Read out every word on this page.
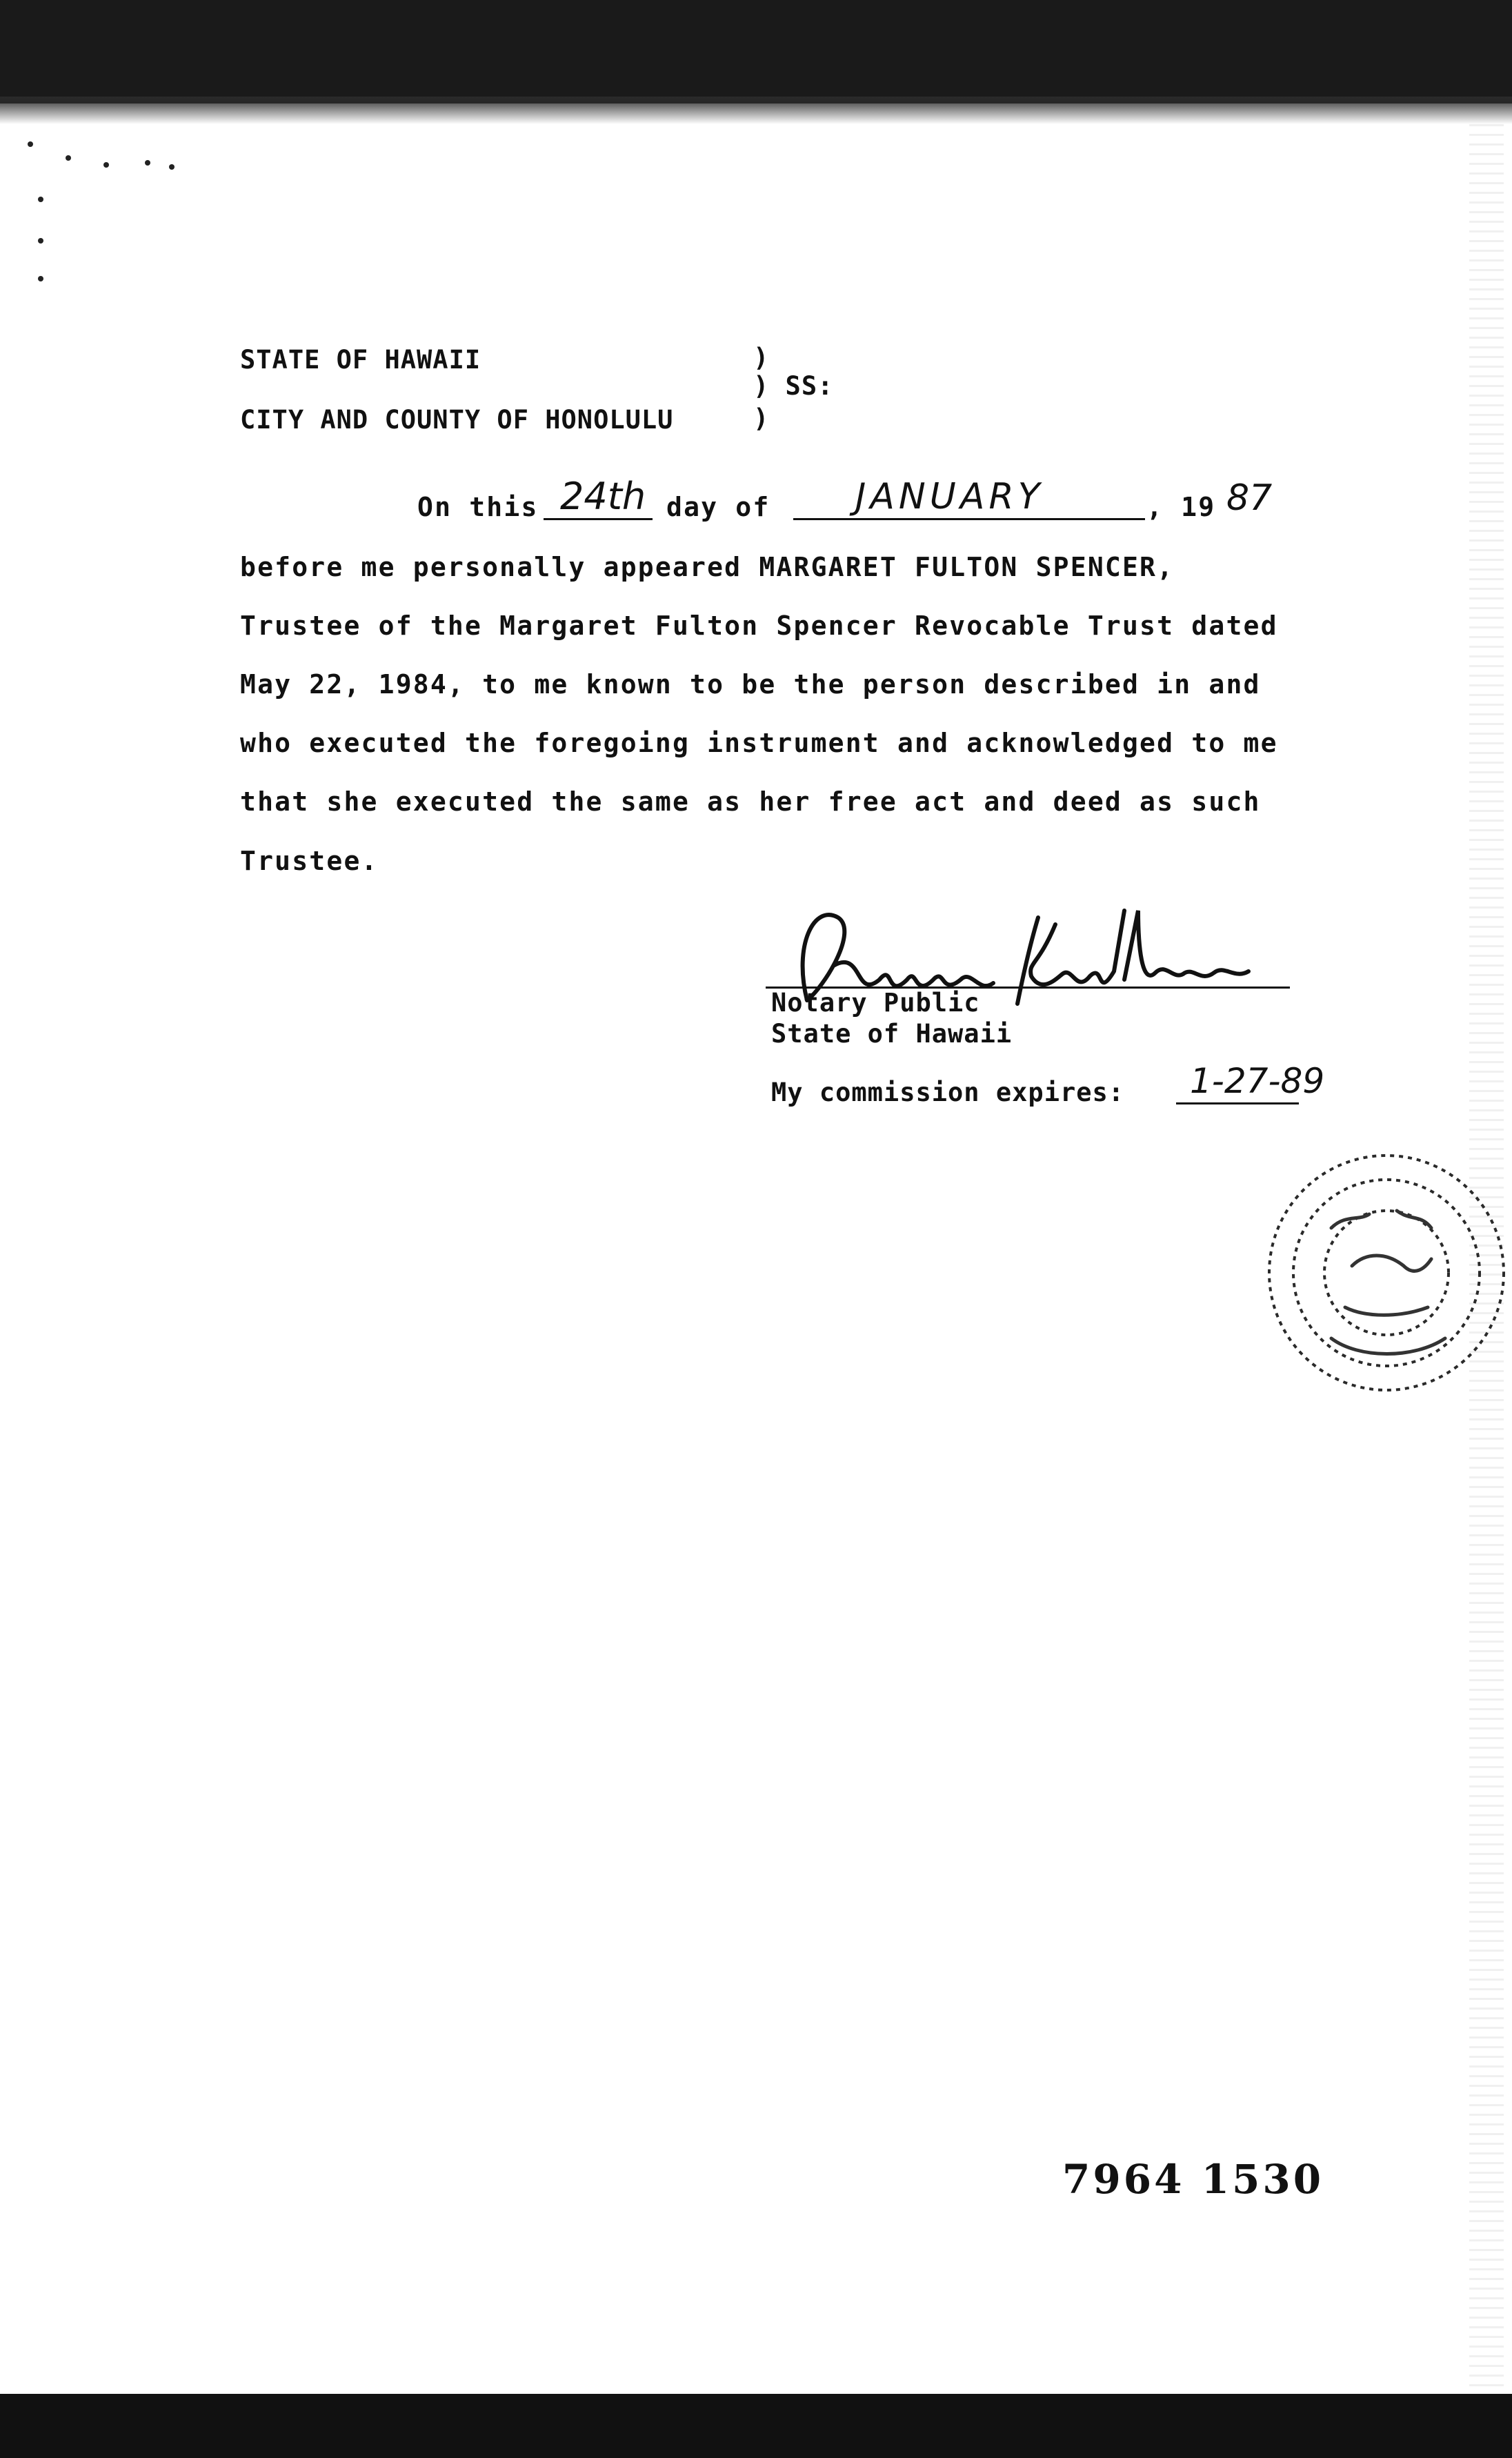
STATE OF HAWAII
CITY AND COUNTY OF HONOLULU
)
) SS:
)
On this 24th day of JANUARY	, 19 87
before me personally appeared MARGARET FULTON SPENCER,
Trustee of the Margaret Fulton Spencer Revocable Trust dated
May 22, 1984, to me known to be the person described in and
who executed the foregoing instrument and acknowledged to me
that she executed the same as her free act and deed as such
Trustee.
Notary Public
State of Hawaii
My commission expires: 1-27-89
7964 1530
